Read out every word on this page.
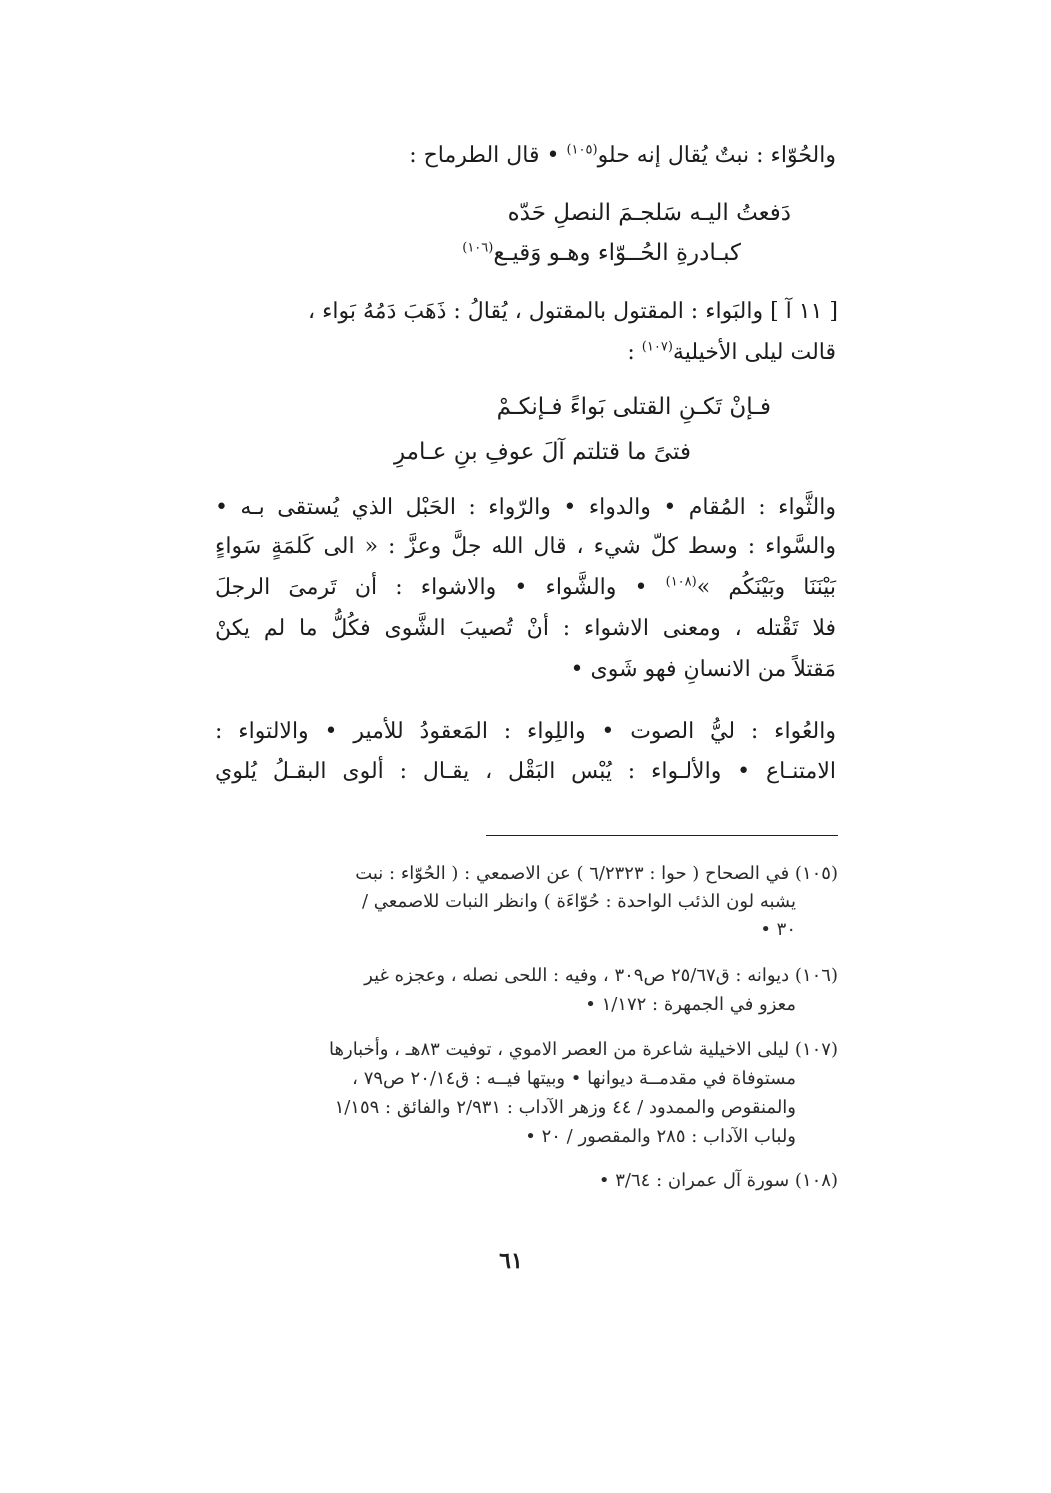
والحُوّاء : نبتٌ يُقال إنه حلو$^{(١٠٥)}$ • قال الطرماح :
دَفعتُ اليـه سَلجـمَ النصلِ حَدّه
كبـادرةِ الحُــوّاء وهـو وَقيـع$^{(١٠٦)}$
[ ١١ آ ] والبَواء : المقتول بالمقتول ، يُقالُ : ذَهَبَ دَمُهُ بَواء ،
قالت ليلى الأخيلية$^{(١٠٧)}$ :
فـإنْ تَكـنِ القتلى بَواءً فـإنكـمْ
فتىً ما قتلتم آلَ عوفِ بنِ عـامرِ
والثَّواء : المُقام • والدواء • والرّواء : الحَبْل الذي يُستقى بـه •
والسَّواء : وسط كلّ شيء ، قال الله جلَّ وعزَّ : « الى كَلمَةٍ سَواءٍ
بَيْنَنَا وبَيْنَكُم »$^{(١٠٨)}$ • والشَّواء • والاشواء : أن تَرمىَ الرجلَ
فلا تَقْتله ، ومعنى الاشواء : أنْ تُصيبَ الشَّوى فكُلُّ ما لم يكنْ
مَقتلاً من الانسانِ فهو شَوى •
والعُواء : ليُّ الصوت • واللِواء : المَعقودُ للأمير • والالتواء :
الامتنـاع • والألـواء : يُبْس البَقْل ، يقـال : ألوى البقـلُ يُلوي
(١٠٥) في الصحاح ( حوا : ٦/٢٣٢٣ ) عن الاصمعي : ( الحُوّاء : نبت
يشبه لون الذئب الواحدة : حُوّاءَة ) وانظر النبات للاصمعي /
٣٠ •
(١٠٦) ديوانه : ق٢٥/٦٧ ص٣٠٩ ، وفيه : اللحى نصله ، وعجزه غير
معزو في الجمهرة : ١/١٧٢ •
(١٠٧) ليلى الاخيلية شاعرة من العصر الاموي ، توفيت ٨٣هـ ، وأخبارها
مستوفاة في مقدمــة ديوانها • وبيتها فيــه : ق٢٠/١٤ ص٧٩ ،
والمنقوص والممدود / ٤٤ وزهر الآداب : ٢/٩٣١ والفائق : ١/١٥٩
ولباب الآداب : ٢٨٥ والمقصور / ٢٠ •
(١٠٨) سورة آل عمران : ٣/٦٤ •
٦١
